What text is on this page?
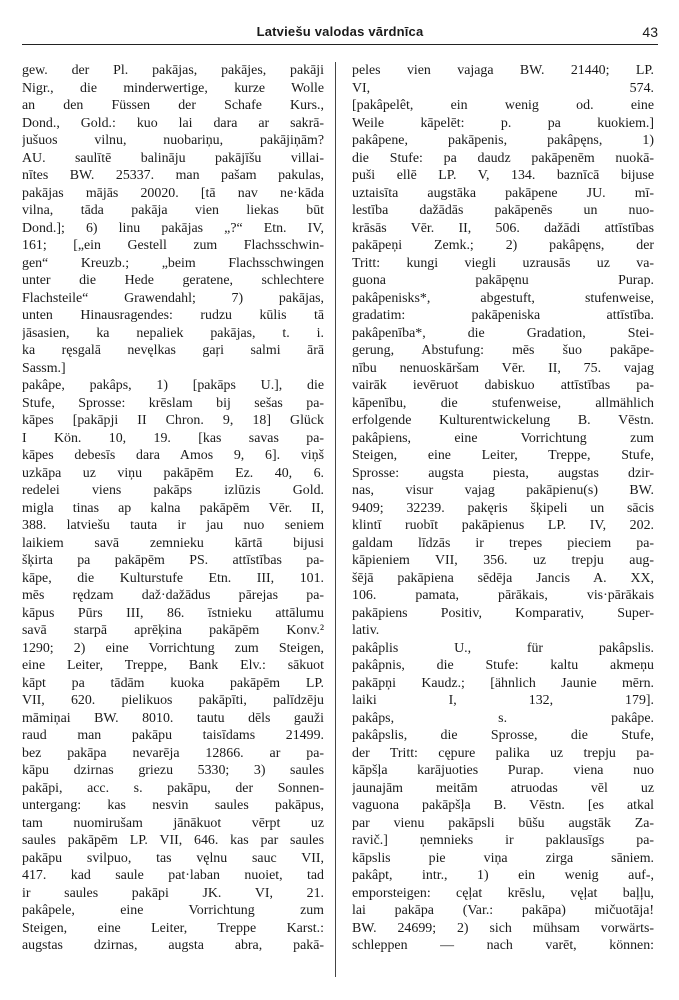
Latviešu valodas vārdnīca	43
gew. der Pl. pakājas, pakājes, pakāji
Nigr., die minderwertige, kurze Wolle
an den Füssen der Schafe Kurs.,
Dond., Gold.: kuo lai dara ar sakrā-
jušuos vilnu, nuobariņu, pakājiņām?
AU. saulītē balināju pakājīšu villai-
nītes BW. 25337. man pašam pakulas,
pakājas mājās 20020. [tā nav ne·kāda
vilna, tāda pakāja vien liekas būt
Dond.]; 6) linu pakājas „?“ Etn. IV,
161; [„ein Gestell zum Flachsschwin-
gen“ Kreuzb.; „beim Flachsschwingen
unter die Hede geratene, schlechtere
Flachsteile“ Grawendahl; 7) pakājas,
unten Hinausragendes: rudzu kūlis tā
jāsasien, ka nepaliek pakājas, t. i.
ka ręsgalā nevęlkas gaŗi salmi ārā
Sassm.]
pakâpe, pakâps, 1) [pakāps U.], die
Stufe, Sprosse: krēslam bij sešas pa-
kāpes [pakāpji II Chron. 9, 18] Glück
I Kön. 10, 19. [kas savas pa-
kāpes debesīs dara Amos 9, 6]. viņš
uzkāpa uz viņu pakāpēm Ez. 40, 6.
redelei viens pakāps izlūzis Gold.
migla tinas ap kalna pakāpēm Vēr. II,
388. latviešu tauta ir jau nuo seniem
laikiem savā zemnieku kārtā bijusi
šķirta pa pakāpēm PS. attīstības pa-
kāpe, die Kulturstufe Etn. III, 101.
mēs rędzam daž·dažādus pārejas pa-
kāpus Pūrs III, 86. īstnieku attālumu
savā starpā aprēķina pakāpēm Konv.²
1290; 2) eine Vorrichtung zum Steigen,
eine Leiter, Treppe, Bank Elv.: sākuot
kāpt pa tādām kuoka pakāpēm LP.
VII, 620. pielikuos pakāpīti, palīdzēju
māmiņai BW. 8010. tautu dēls gauži
raud man pakāpu taisīdams 21499.
bez pakāpa nevarēja 12866. ar pa-
kāpu dzirnas griezu 5330; 3) saules
pakāpi, acc. s. pakāpu, der Sonnen-
untergang: kas nesvin saules pakāpus,
tam nuomirušam jānākuot vērpt uz
saules pakāpēm LP. VII, 646. kas par saules
pakāpu svilpuo, tas vęlnu sauc VII,
417. kad saule pat·laban nuoiet, tad
ir saules pakāpi JK. VI, 21.
pakâpele, eine Vorrichtung zum
Steigen, eine Leiter, Treppe Karst.:
augstas dzirnas, augsta abra, pakā-
peles vien vajaga BW. 21440; LP.
VI, 574.
[pakâpelêt, ein wenig od. eine
Weile kāpelēt: p. pa kuokiem.]
pakâpene, pakāpenis, pakâpęns, 1)
die Stufe: pa daudz pakāpenēm nuokā-
puši ellē LP. V, 134. baznīcā bijuse
uztaisīta augstāka pakāpene JU. mī-
lestība dažādās pakāpenēs un nuo-
krāsās Vēr. II, 506. dažādi attīstības
pakāpeņi Zemk.; 2) pakâpęns, der
Tritt: kungi viegli uzrausās uz va-
guona pakāpęnu Purap.
pakâpenisks*, abgestuft, stufenweise,
gradatim: pakāpeniska attīstība.
pakâpenība*, die Gradation, Stei-
gerung, Abstufung: mēs šuo pakāpe-
nību nenuoskāršam Vēr. II, 75. vajag
vairāk ievēruot dabiskuo attīstības pa-
kāpenību, die stufenweise, allmählich
erfolgende Kulturentwickelung B. Vēstn.
pakâpiens, eine Vorrichtung zum
Steigen, eine Leiter, Treppe, Stufe,
Sprosse: augsta piesta, augstas dzir-
nas, visur vajag pakāpienu(s) BW.
9409; 32239. pakęris šķipeli un sācis
klintī ruobīt pakāpienus LP. IV, 202.
galdam līdzās ir trepes pieciem pa-
kāpieniem VII, 356. uz trepju aug-
šējā pakāpiena sēdēja Jancis A. XX,
106. pamata, pārākais, vis·pārākais
pakāpiens Positiv, Komparativ, Super-
lativ.
pakâplis U., für pakâpslis.
pakâpnis, die Stufe: kaltu akmeņu
pakāpņi Kaudz.; [ähnlich Jaunie mērn.
laiki I, 132, 179].
pakâps, s. pakâpe.
pakâpslis, die Sprosse, die Stufe,
der Tritt: cępure palika uz trepju pa-
kāpšļa karājuoties Purap. viena nuo
jaunajām meitām atruodas vēl uz
vaguona pakāpšļa B. Vēstn. [es atkal
par vienu pakāpsli būšu augstāk Za-
ravič.] ņemnieks ir paklausīgs pa-
kāpslis pie viņa zirga sāniem.
pakâpt, intr., 1) ein wenig auf-,
emporsteigen: cęļat krēslu, vęļat baļļu,
lai pakāpa (Var.: pakāpa) mičuotāja!
BW. 24699; 2) sich mühsam vorwärts-
schleppen — nach varēt, können:
